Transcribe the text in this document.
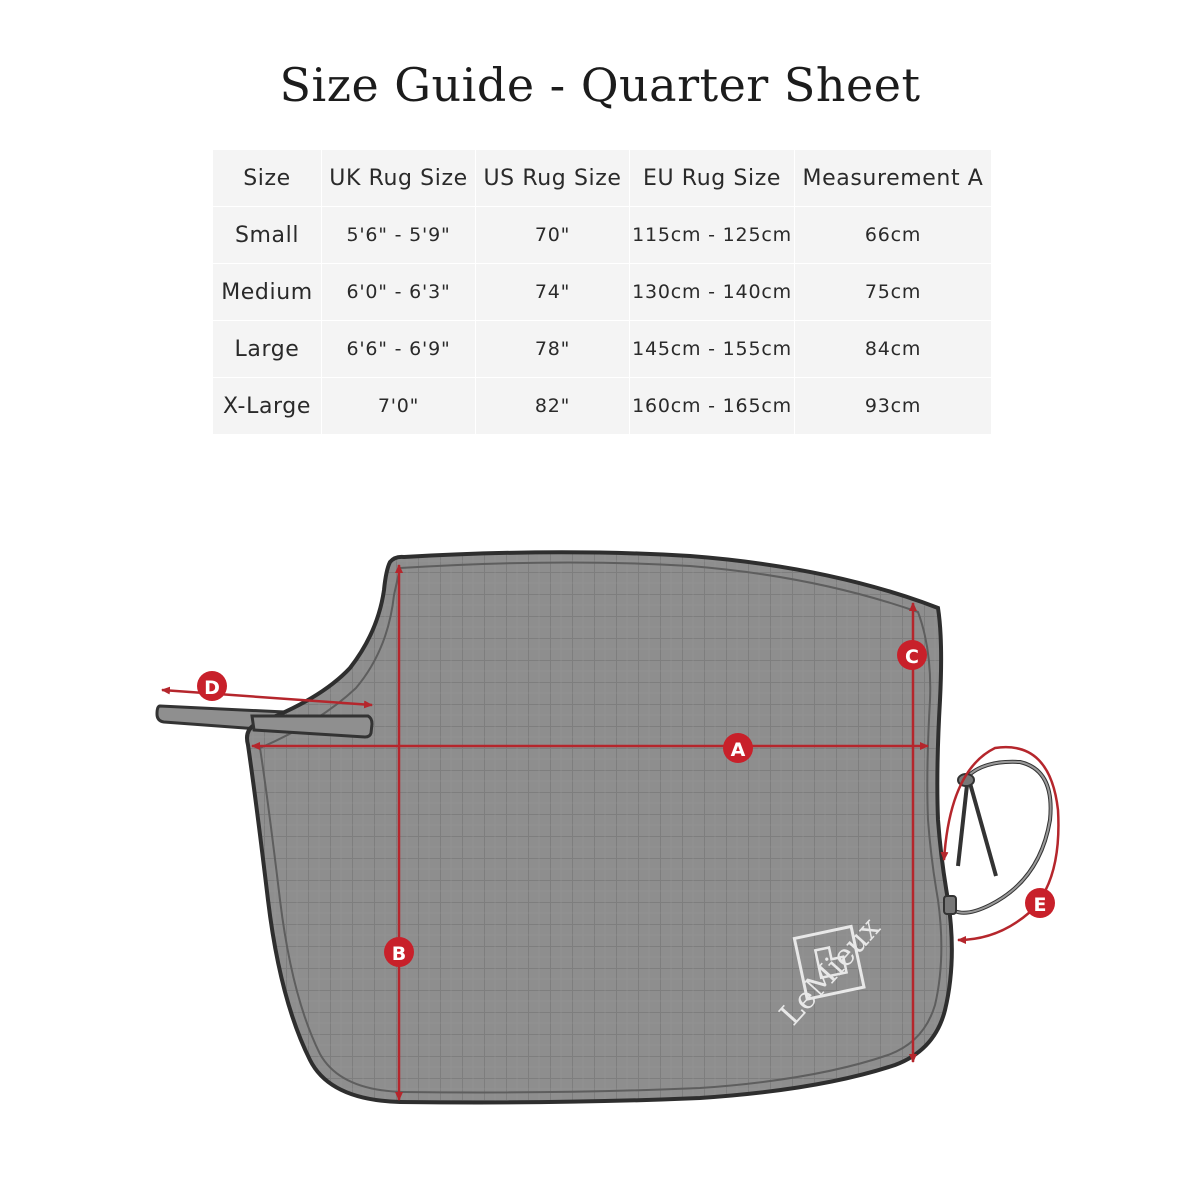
Size Guide - Quarter Sheet
Size	UK Rug Size	US Rug Size	EU Rug Size	Measurement A
Small	5'6" - 5'9"	70"	115cm - 125cm	66cm
Medium	6'0" - 6'3"	74"	130cm - 140cm	75cm
Large	6'6" - 6'9"	78"	145cm - 155cm	84cm
X-Large	7'0"	82"	160cm - 165cm	93cm
LeMieux
A
B
C
D
E
